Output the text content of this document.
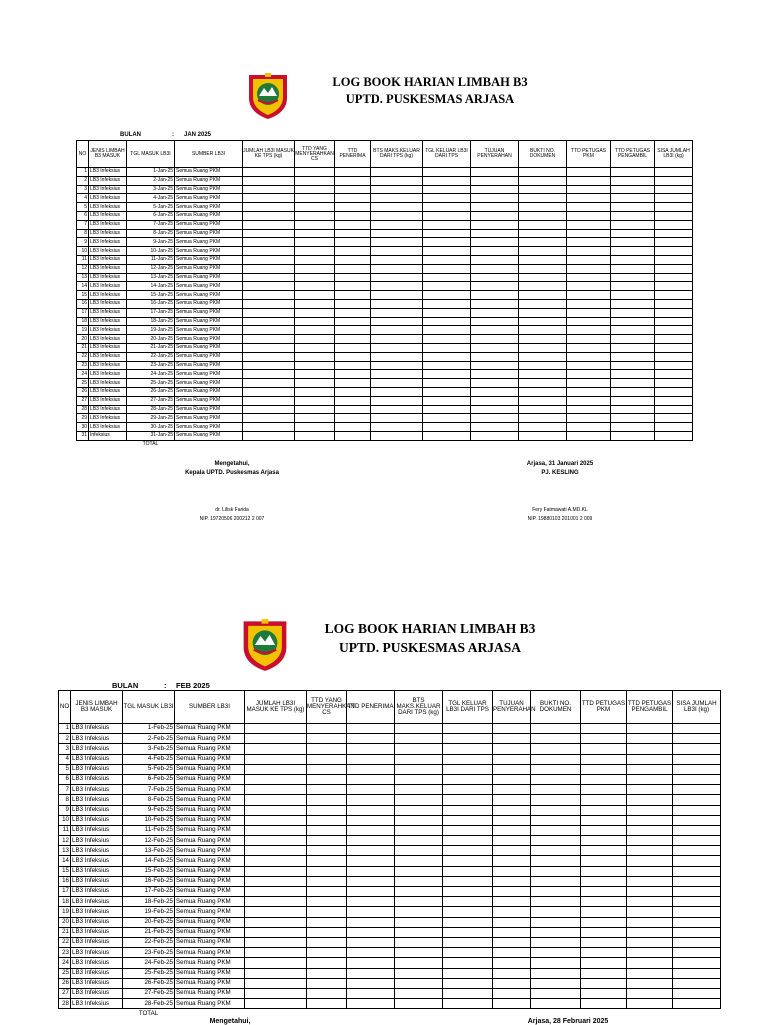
LOG BOOK HARIAN LIMBAH B3
UPTD. PUSKESMAS ARJASA
BULAN	: JAN 2025
NO	JENIS LIMBAH B3 MASUK	TGL MASUK LB3I	SUMBER LB3I	JUMLAH LB3I MASUK KE TPS (kg)	TTD YANG MENYERAHKAN CS	TTD PENERIMA	BTS MAKS.KELUAR DARI TPS (kg)	TGL KELUAR LB3I DARI TPS	TUJUAN PENYERAHAN	BUKTI NO. DOKUMEN	TTD PETUGAS PKM	TTD PETUGAS PENGAMBIL	SISA JUMLAH LB3I (kg)
1	LB3 Infeksius	1-Jan-25	Semua Ruang PKM										
2	LB3 Infeksius	2-Jan-25	Semua Ruang PKM										
3	LB3 Infeksius	3-Jan-25	Semua Ruang PKM										
4	LB3 Infeksius	4-Jan-25	Semua Ruang PKM										
5	LB3 Infeksius	5-Jan-25	Semua Ruang PKM										
6	LB3 Infeksius	6-Jan-25	Semua Ruang PKM										
7	LB3 Infeksius	7-Jan-25	Semua Ruang PKM										
8	LB3 Infeksius	8-Jan-25	Semua Ruang PKM										
9	LB3 Infeksius	9-Jan-25	Semua Ruang PKM										
10	LB3 Infeksius	10-Jan-25	Semua Ruang PKM										
11	LB3 Infeksius	11-Jan-25	Semua Ruang PKM										
12	LB3 Infeksius	12-Jan-25	Semua Ruang PKM										
13	LB3 Infeksius	13-Jan-25	Semua Ruang PKM										
14	LB3 Infeksius	14-Jan-25	Semua Ruang PKM										
15	LB3 Infeksius	15-Jan-25	Semua Ruang PKM										
16	LB3 Infeksius	16-Jan-25	Semua Ruang PKM										
17	LB3 Infeksius	17-Jan-25	Semua Ruang PKM										
18	LB3 Infeksius	18-Jan-25	Semua Ruang PKM										
19	LB3 Infeksius	19-Jan-25	Semua Ruang PKM										
20	LB3 Infeksius	20-Jan-25	Semua Ruang PKM										
21	LB3 Infeksius	21-Jan-25	Semua Ruang PKM										
22	LB3 Infeksius	22-Jan-25	Semua Ruang PKM										
23	LB3 Infeksius	23-Jan-25	Semua Ruang PKM										
24	LB3 Infeksius	24-Jan-25	Semua Ruang PKM										
25	LB3 Infeksius	25-Jan-25	Semua Ruang PKM										
26	LB3 Infeksius	26-Jan-25	Semua Ruang PKM										
27	LB3 Infeksius	27-Jan-25	Semua Ruang PKM										
28	LB3 Infeksius	28-Jan-25	Semua Ruang PKM										
29	LB3 Infeksius	29-Jan-25	Semua Ruang PKM										
30	LB3 Infeksius	30-Jan-25	Semua Ruang PKM										
31	Infeksius	31-Jan-25	Semua Ruang PKM										
		TOTAL											
Mengetahui,
Kepala UPTD. Puskesmas Arjasa
dr. Lilisk Farida
NIP. 19720506 200212 2 007
Arjasa, 31 Januari 2025
PJ. KESLING
Fery Fatmawati A.MD.KL
NIP. 19880103 201001 2 009
LOG BOOK HARIAN LIMBAH B3
UPTD. PUSKESMAS ARJASA
BULAN	: FEB 2025
NO	JENIS LIMBAH B3 MASUK	TGL MASUK LB3I	SUMBER LB3I	JUMLAH LB3I MASUK KE TPS (kg)	TTD YANG MENYERAHKAN CS	TTD PENERIMA	BTS MAKS.KELUAR DARI TPS (kg)	TGL KELUAR LB3I DARI TPS	TUJUAN PENYERAHAN	BUKTI NO. DOKUMEN	TTD PETUGAS PKM	TTD PETUGAS PENGAMBIL	SISA JUMLAH LB3I (kg)
1	LB3 Infeksius	1-Feb-25	Semua Ruang PKM										
2	LB3 Infeksius	2-Feb-25	Semua Ruang PKM										
3	LB3 Infeksius	3-Feb-25	Semua Ruang PKM										
4	LB3 Infeksius	4-Feb-25	Semua Ruang PKM										
5	LB3 Infeksius	5-Feb-25	Semua Ruang PKM										
6	LB3 Infeksius	6-Feb-25	Semua Ruang PKM										
7	LB3 Infeksius	7-Feb-25	Semua Ruang PKM										
8	LB3 Infeksius	8-Feb-25	Semua Ruang PKM										
9	LB3 Infeksius	9-Feb-25	Semua Ruang PKM										
10	LB3 Infeksius	10-Feb-25	Semua Ruang PKM										
11	LB3 Infeksius	11-Feb-25	Semua Ruang PKM										
12	LB3 Infeksius	12-Feb-25	Semua Ruang PKM										
13	LB3 Infeksius	13-Feb-25	Semua Ruang PKM										
14	LB3 Infeksius	14-Feb-25	Semua Ruang PKM										
15	LB3 Infeksius	15-Feb-25	Semua Ruang PKM										
16	LB3 Infeksius	16-Feb-25	Semua Ruang PKM										
17	LB3 Infeksius	17-Feb-25	Semua Ruang PKM										
18	LB3 Infeksius	18-Feb-25	Semua Ruang PKM										
19	LB3 Infeksius	19-Feb-25	Semua Ruang PKM										
20	LB3 Infeksius	20-Feb-25	Semua Ruang PKM										
21	LB3 Infeksius	21-Feb-25	Semua Ruang PKM										
22	LB3 Infeksius	22-Feb-25	Semua Ruang PKM										
23	LB3 Infeksius	23-Feb-25	Semua Ruang PKM										
24	LB3 Infeksius	24-Feb-25	Semua Ruang PKM										
25	LB3 Infeksius	25-Feb-25	Semua Ruang PKM										
26	LB3 Infeksius	26-Feb-25	Semua Ruang PKM										
27	LB3 Infeksius	27-Feb-25	Semua Ruang PKM										
28	LB3 Infeksius	28-Feb-25	Semua Ruang PKM										
		TOTAL											
Mengetahui,	Arjasa, 28 Februari 2025
